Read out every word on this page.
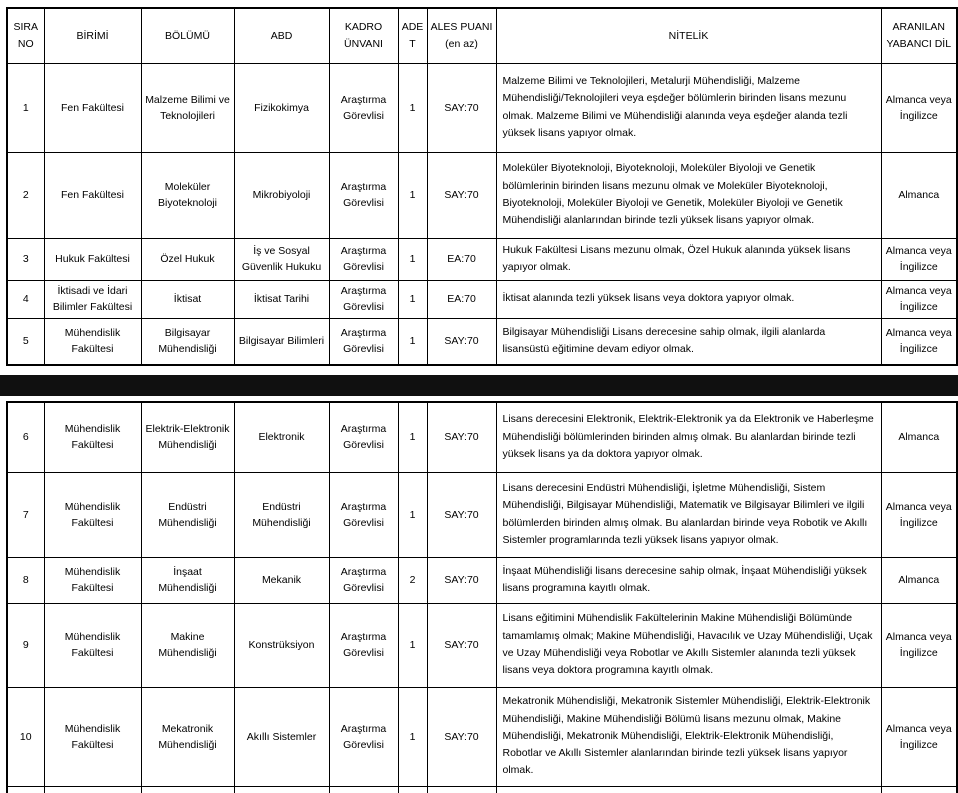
SIRA NO	BİRİMİ	BÖLÜMÜ	ABD	KADRO ÜNVANI	ADET	ALES PUANI (en az)	NİTELİK	ARANILAN YABANCI DİL
1	Fen Fakültesi	Malzeme Bilimi ve Teknolojileri	Fizikokimya	Araştırma Görevlisi	1	SAY:70	Malzeme Bilimi ve Teknolojileri, Metalurji Mühendisliği, Malzeme Mühendisliği/Teknolojileri veya eşdeğer bölümlerin birinden lisans mezunu olmak. Malzeme Bilimi ve Mühendisliği alanında veya eşdeğer alanda tezli yüksek lisans yapıyor olmak.	Almanca veya İngilizce
2	Fen Fakültesi	Moleküler Biyoteknoloji	Mikrobiyoloji	Araştırma Görevlisi	1	SAY:70	Moleküler Biyoteknoloji, Biyoteknoloji, Moleküler Biyoloji ve Genetik bölümlerinin birinden lisans mezunu olmak ve Moleküler Biyoteknoloji, Biyoteknoloji, Moleküler Biyoloji ve Genetik, Moleküler Biyoloji ve Genetik Mühendisliği alanlarından birinde tezli yüksek lisans yapıyor olmak.	Almanca
3	Hukuk Fakültesi	Özel Hukuk	İş ve Sosyal Güvenlik Hukuku	Araştırma Görevlisi	1	EA:70	Hukuk Fakültesi Lisans mezunu olmak, Özel Hukuk alanında yüksek lisans yapıyor olmak.	Almanca veya İngilizce
4	İktisadi ve İdari Bilimler Fakültesi	İktisat	İktisat Tarihi	Araştırma Görevlisi	1	EA:70	İktisat alanında tezli yüksek lisans veya doktora yapıyor olmak.	Almanca veya İngilizce
5	Mühendislik Fakültesi	Bilgisayar Mühendisliği	Bilgisayar Bilimleri	Araştırma Görevlisi	1	SAY:70	Bilgisayar Mühendisliği Lisans derecesine sahip olmak, ilgili alanlarda lisansüstü eğitimine devam ediyor olmak.	Almanca veya İngilizce
6	Mühendislik Fakültesi	Elektrik-Elektronik Mühendisliği	Elektronik	Araştırma Görevlisi	1	SAY:70	Lisans derecesini Elektronik, Elektrik-Elektronik ya da Elektronik ve Haberleşme Mühendisliği bölümlerinden birinden almış olmak. Bu alanlardan birinde tezli yüksek lisans ya da doktora yapıyor olmak.	Almanca
7	Mühendislik Fakültesi	Endüstri Mühendisliği	Endüstri Mühendisliği	Araştırma Görevlisi	1	SAY:70	Lisans derecesini Endüstri Mühendisliği, İşletme Mühendisliği, Sistem Mühendisliği, Bilgisayar Mühendisliği, Matematik ve Bilgisayar Bilimleri ve ilgili bölümlerden birinden almış olmak. Bu alanlardan birinde veya Robotik ve Akıllı Sistemler programlarında tezli yüksek lisans yapıyor olmak.	Almanca veya İngilizce
8	Mühendislik Fakültesi	İnşaat Mühendisliği	Mekanik	Araştırma Görevlisi	2	SAY:70	İnşaat Mühendisliği lisans derecesine sahip olmak, İnşaat Mühendisliği yüksek lisans programına kayıtlı olmak.	Almanca
9	Mühendislik Fakültesi	Makine Mühendisliği	Konstrüksiyon	Araştırma Görevlisi	1	SAY:70	Lisans eğitimini Mühendislik Fakültelerinin Makine Mühendisliği Bölümünde tamamlamış olmak; Makine Mühendisliği, Havacılık ve Uzay Mühendisliği, Uçak ve Uzay Mühendisliği veya Robotlar ve Akıllı Sistemler alanında tezli yüksek lisans veya doktora programına kayıtlı olmak.	Almanca veya İngilizce
10	Mühendislik Fakültesi	Mekatronik Mühendisliği	Akıllı Sistemler	Araştırma Görevlisi	1	SAY:70	Mekatronik Mühendisliği, Mekatronik Sistemler Mühendisliği, Elektrik-Elektronik Mühendisliği, Makine Mühendisliği Bölümü lisans mezunu olmak, Makine Mühendisliği, Mekatronik Mühendisliği, Elektrik-Elektronik Mühendisliği, Robotlar ve Akıllı Sistemler alanlarından birinde tezli yüksek lisans yapıyor olmak.	Almanca veya İngilizce
